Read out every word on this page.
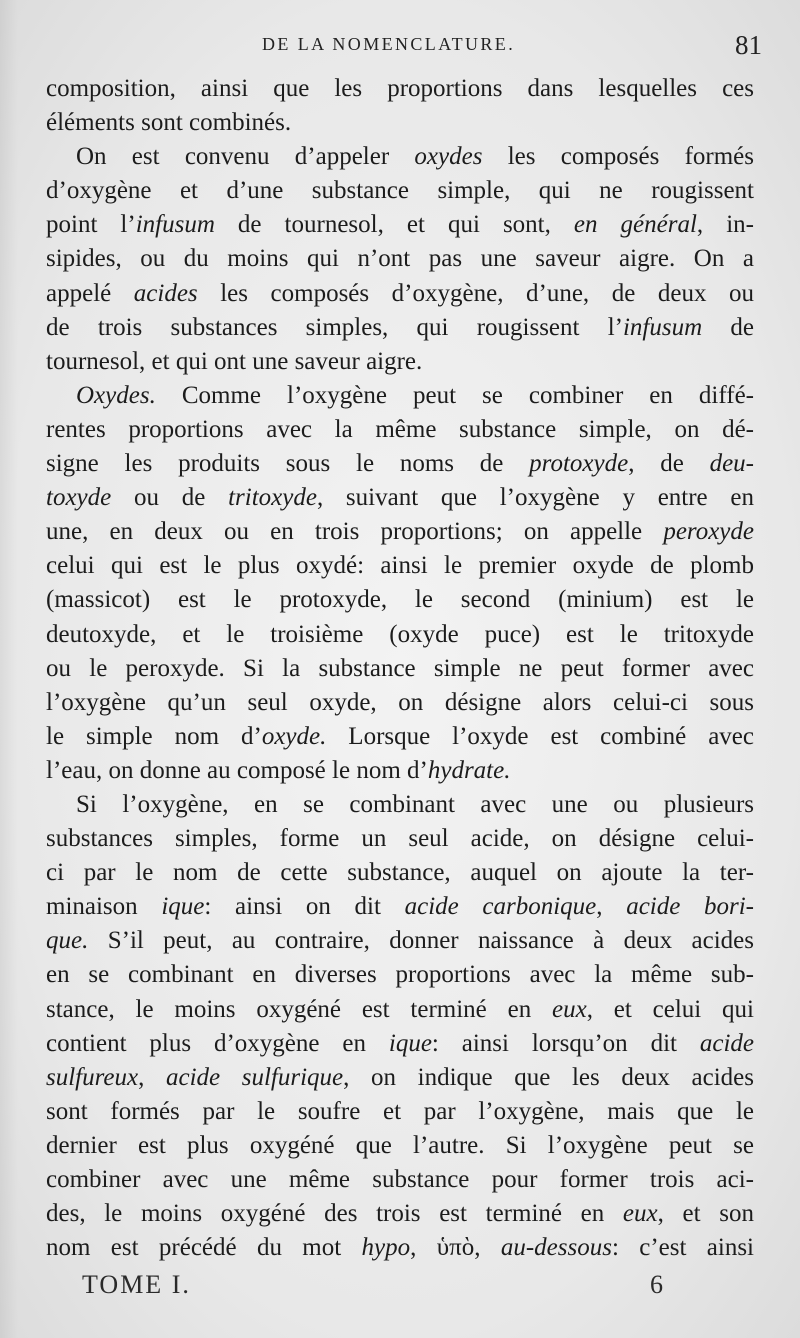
DE LA NOMENCLATURE.	81
composition, ainsi que les proportions dans lesquelles ces
éléments sont combinés.
On est convenu d’appeler oxydes les composés formés
d’oxygène et d’une substance simple, qui ne rougissent
point l’infusum de tournesol, et qui sont, en général, in-
sipides, ou du moins qui n’ont pas une saveur aigre. On a
appelé acides les composés d’oxygène, d’une, de deux ou
de trois substances simples, qui rougissent l’infusum de
tournesol, et qui ont une saveur aigre.
Oxydes. Comme l’oxygène peut se combiner en diffé-
rentes proportions avec la même substance simple, on dé-
signe les produits sous le noms de protoxyde, de deu-
toxyde ou de tritoxyde, suivant que l’oxygène y entre en
une, en deux ou en trois proportions; on appelle peroxyde
celui qui est le plus oxydé: ainsi le premier oxyde de plomb
(massicot) est le protoxyde, le second (minium) est le
deutoxyde, et le troisième (oxyde puce) est le tritoxyde
ou le peroxyde. Si la substance simple ne peut former avec
l’oxygène qu’un seul oxyde, on désigne alors celui-ci sous
le simple nom d’oxyde. Lorsque l’oxyde est combiné avec
l’eau, on donne au composé le nom d’hydrate.
Si l’oxygène, en se combinant avec une ou plusieurs
substances simples, forme un seul acide, on désigne celui-
ci par le nom de cette substance, auquel on ajoute la ter-
minaison ique: ainsi on dit acide carbonique, acide bori-
que. S’il peut, au contraire, donner naissance à deux acides
en se combinant en diverses proportions avec la même sub-
stance, le moins oxygéné est terminé en eux, et celui qui
contient plus d’oxygène en ique: ainsi lorsqu’on dit acide
sulfureux, acide sulfurique, on indique que les deux acides
sont formés par le soufre et par l’oxygène, mais que le
dernier est plus oxygéné que l’autre. Si l’oxygène peut se
combiner avec une même substance pour former trois aci-
des, le moins oxygéné des trois est terminé en eux, et son
nom est précédé du mot hypo, ὑπὸ, au-dessous: c’est ainsi
TOME I.	6
